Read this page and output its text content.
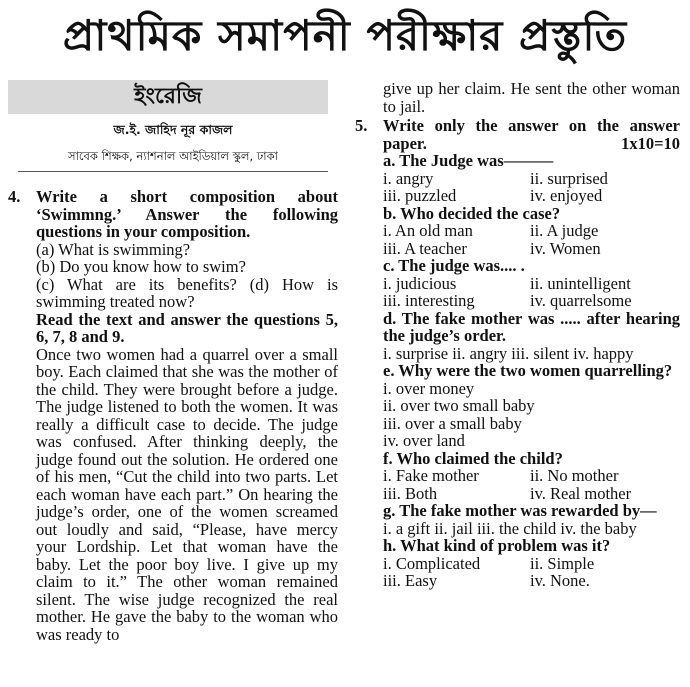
প্রাথমিক সমাপনী পরীক্ষার প্রস্তুতি
ইংরেজি
জ.ই. জাহিদ নূর কাজল
সাবেক শিক্ষক, ন্যাশনাল আইডিয়াল স্কুল, ঢাকা
4. Write a short composition about ‘Swimmng.’ Answer the following questions in your composition.
(a) What is swimming?
(b) Do you know how to swim?
(c) What are its benefits? (d) How is swimming treated now?
Read the text and answer the questions 5, 6, 7, 8 and 9.
Once two women had a quarrel over a small boy. Each claimed that she was the mother of the child. They were brought before a judge. The judge listened to both the women. It was really a difficult case to decide. The judge was confused. After thinking deeply, the judge found out the solution. He ordered one of his men, “Cut the child into two parts. Let each woman have each part.” On hearing the judge’s order, one of the women screamed out loudly and said, “Please, have mercy your Lordship. Let that woman have the baby. Let the poor boy live. I give up my claim to it.” The other woman remained silent. The wise judge recognized the real mother. He gave the baby to the woman who was ready to
give up her claim. He sent the other woman to jail.
5. Write only the answer on the answer paper.	1x10=10
a. The Judge was———
i. angry	ii. surprised
iii. puzzled	iv. enjoyed
b. Who decided the case?
i. An old man	ii. A judge
iii. A teacher	iv. Women
c. The judge was.... .
i. judicious	ii. unintelligent
iii. interesting	iv. quarrelsome
d. The fake mother was ..... after hearing the judge’s order.
i. surprise ii. angry iii. silent iv. happy
e. Why were the two women quarrelling?
i. over money
ii. over two small baby
iii. over a small baby
iv. over land
f. Who claimed the child?
i. Fake mother	ii. No mother
iii. Both	iv. Real mother
g. The fake mother was rewarded by—
i. a gift ii. jail iii. the child iv. the baby
h. What kind of problem was it?
i. Complicated	ii. Simple
iii. Easy	iv. None.
